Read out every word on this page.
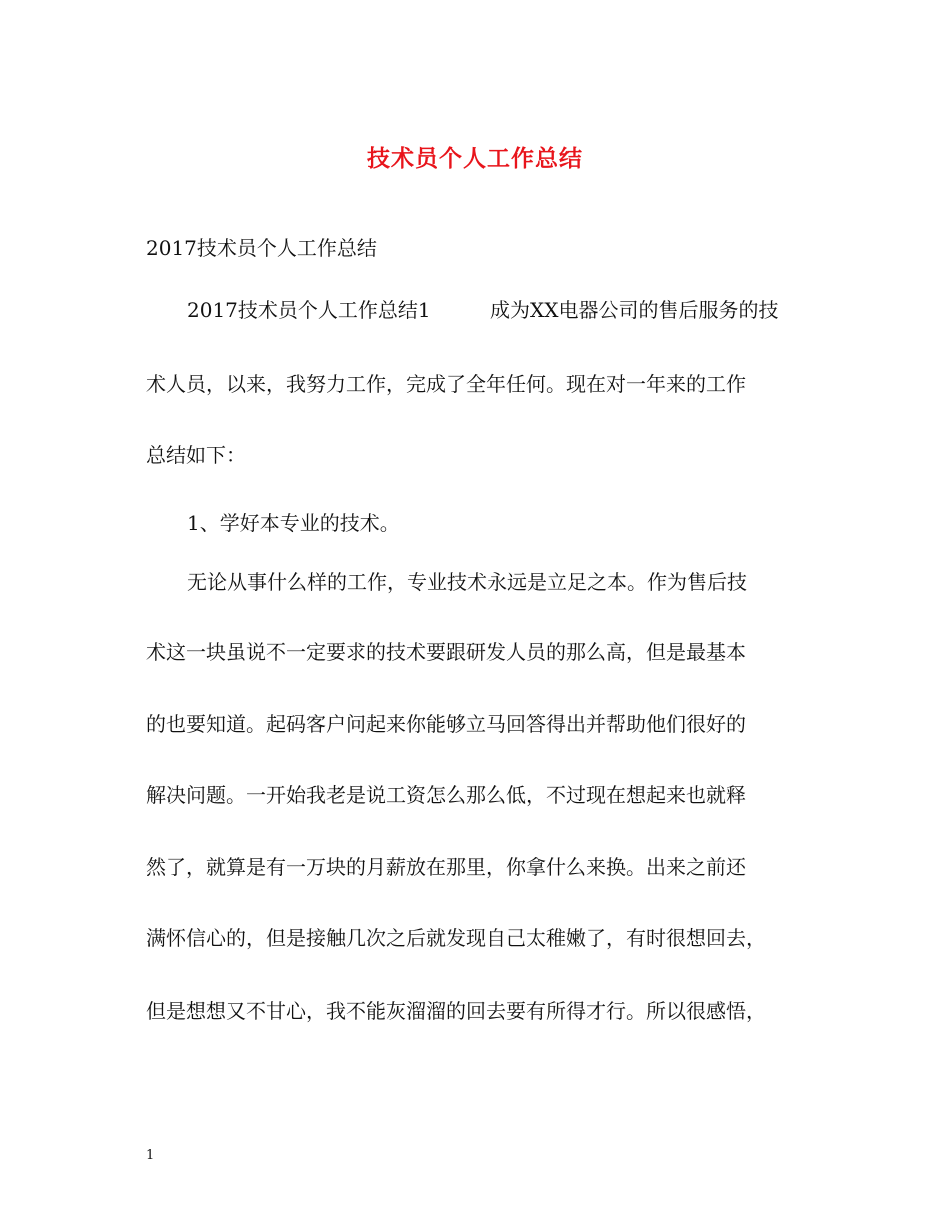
技术员个人工作总结

2017技术员个人工作总结

2017技术员个人工作总结1	成为XX电器公司的售后服务的技

术人员，以来，我努力工作，完成了全年任何。现在对一年来的工作

总结如下：

1、学好本专业的技术。

无论从事什么样的工作，专业技术永远是立足之本。作为售后技

术这一块虽说不一定要求的技术要跟研发人员的那么高，但是最基本

的也要知道。起码客户问起来你能够立马回答得出并帮助他们很好的

解决问题。一开始我老是说工资怎么那么低，不过现在想起来也就释

然了，就算是有一万块的月薪放在那里，你拿什么来换。出来之前还

满怀信心的，但是接触几次之后就发现自己太稚嫩了，有时很想回去，

但是想想又不甘心，我不能灰溜溜的回去要有所得才行。所以很感悟，

1
